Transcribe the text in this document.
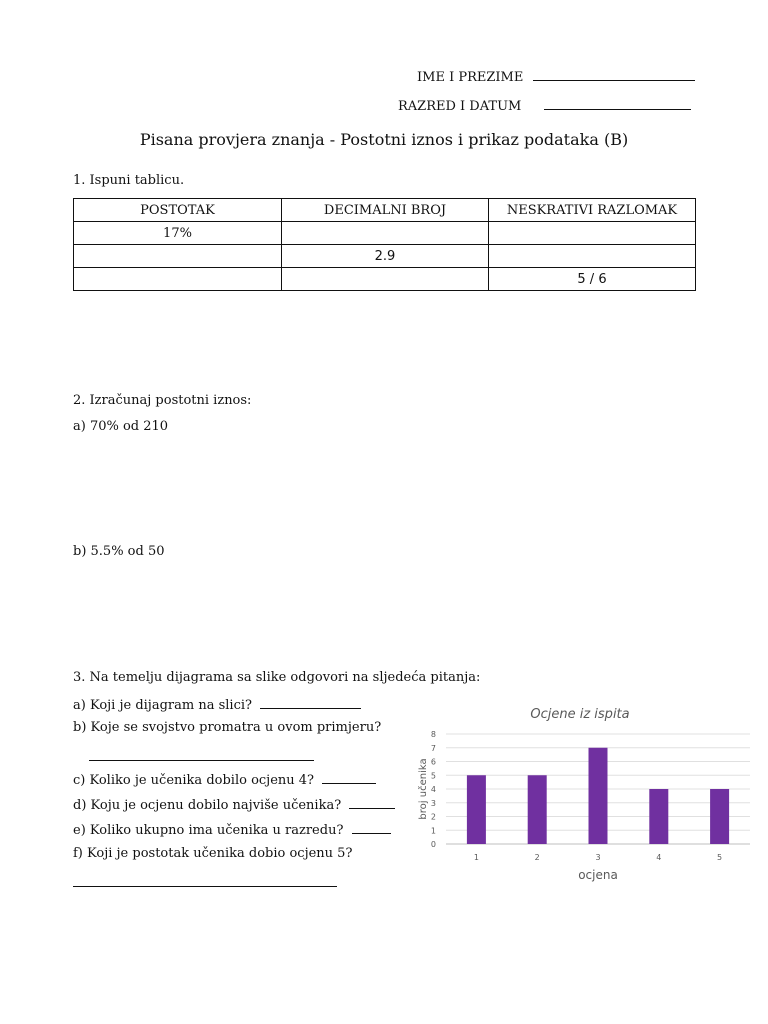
IME I PREZIME
RAZRED I DATUM
Pisana provjera znanja - Postotni iznos i prikaz podataka (B)
1. Ispuni tablicu.
POSTOTAK	DECIMALNI BROJ	NESKRATIVI RAZLOMAK
17%		
	2.9	
		5 / 6
2. Izračunaj postotni iznos:
a) 70% od 210
b) 5.5% od 50
3. Na temelju dijagrama sa slike odgovori na sljedeća pitanja:
a) Koji je dijagram na slici?
b) Koje se svojstvo promatra u ovom primjeru?
c) Koliko je učenika dobilo ocjenu 4?
d) Koju je ocjenu dobilo najviše učenika?
e) Koliko ukupno ima učenika u razredu?
f) Koji je postotak učenika dobio ocjenu 5?
Ocjene iz ispita
0
1
2
3
4
5
6
7
8
1	2	3	4	5
ocjena
broj učenika
